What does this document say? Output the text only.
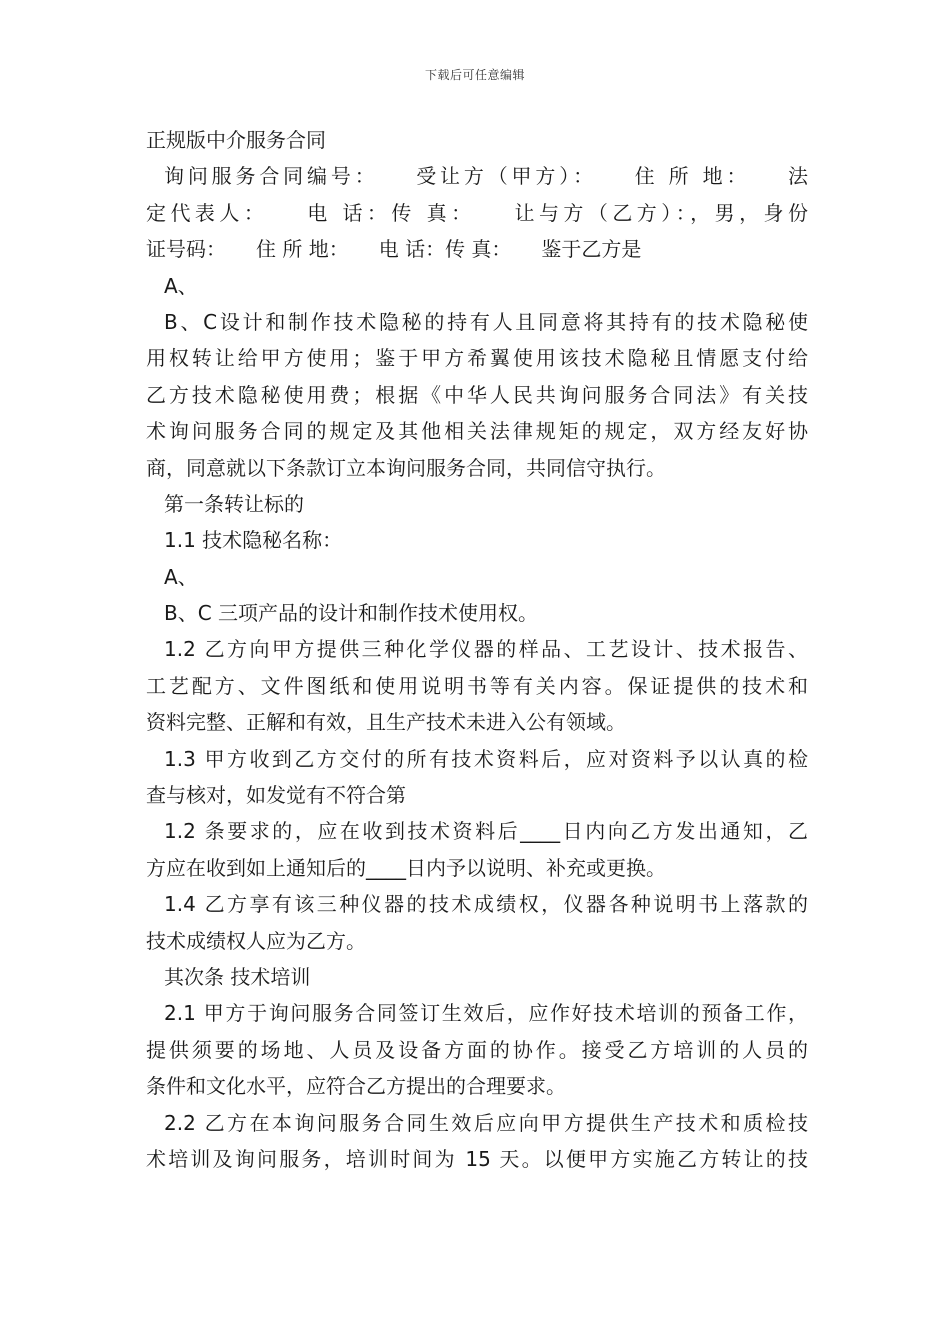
下载后可任意编辑
正规版中介服务合同
询问服务合同编号：　　受让方（甲方）：　　住 所 地：　　法
定代表人：　　电 话：传 真：　　让与方（乙方）：，男，身份
证号码：　　住 所 地：　　电 话：传 真：　　鉴于乙方是
A、
B、C设计和制作技术隐秘的持有人且同意将其持有的技术隐秘使
用权转让给甲方使用；鉴于甲方希翼使用该技术隐秘且情愿支付给
乙方技术隐秘使用费；根据《中华人民共询问服务合同法》有关技
术询问服务合同的规定及其他相关法律规矩的规定，双方经友好协
商，同意就以下条款订立本询问服务合同，共同信守执行。
第一条转让标的
1.1 技术隐秘名称：
A、
B、C 三项产品的设计和制作技术使用权。
1.2 乙方向甲方提供三种化学仪器的样品、工艺设计、技术报告、
工艺配方、文件图纸和使用说明书等有关内容。保证提供的技术和
资料完整、正解和有效，且生产技术未进入公有领域。
1.3 甲方收到乙方交付的所有技术资料后，应对资料予以认真的检
查与核对，如发觉有不符合第
1.2 条要求的，应在收到技术资料后____日内向乙方发出通知，乙
方应在收到如上通知后的____日内予以说明、补充或更换。
1.4 乙方享有该三种仪器的技术成绩权，仪器各种说明书上落款的
技术成绩权人应为乙方。
其次条 技术培训
2.1 甲方于询问服务合同签订生效后，应作好技术培训的预备工作，
提供须要的场地、人员及设备方面的协作。接受乙方培训的人员的
条件和文化水平，应符合乙方提出的合理要求。
2.2 乙方在本询问服务合同生效后应向甲方提供生产技术和质检技
术培训及询问服务，培训时间为 15 天。以便甲方实施乙方转让的技
